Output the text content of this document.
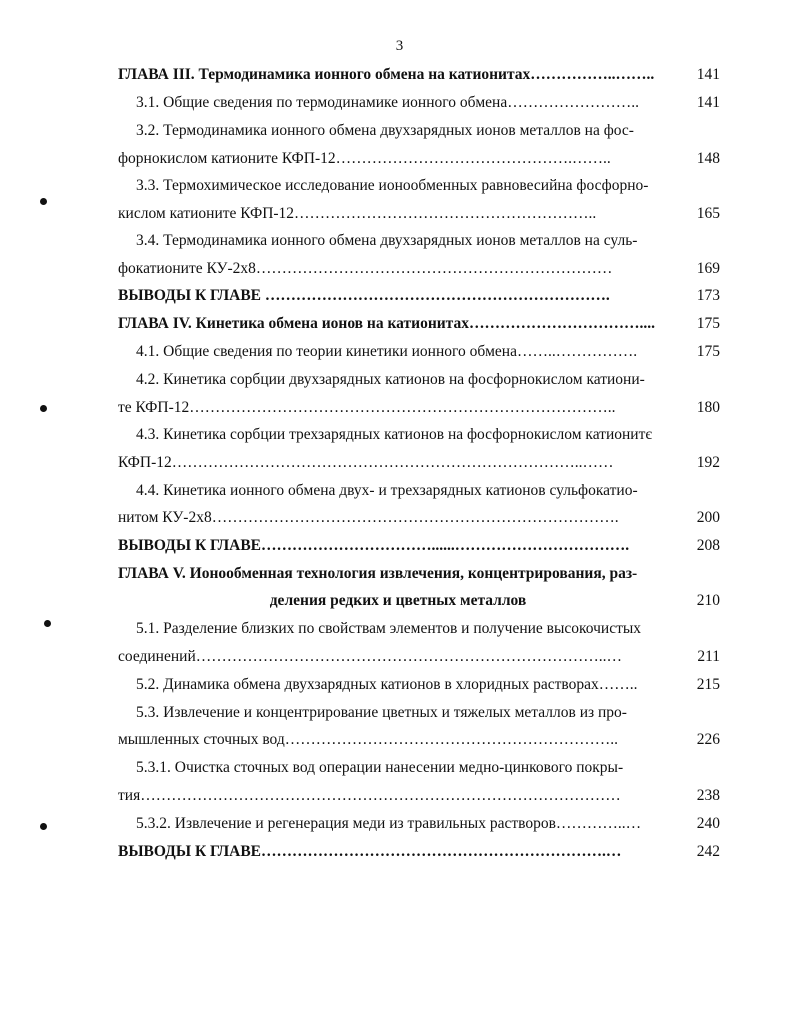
3
ГЛАВА III. Термодинамика ионного обмена на катионитах……………..……..	141
3.1. Общие сведения по термодинамике ионного обмена……………………..	141
3.2. Термодинамика ионного обмена двухзарядных ионов металлов на фос-
форнокислом катионите КФП-12……………………………………….……..	148
3.3. Термохимическое исследование ионообменных равновесийна фосфорно-
кислом катионите КФП-12…………………………………………………..	165
3.4. Термодинамика ионного обмена двухзарядных ионов металлов на суль-
фокатионите КУ-2х8……………………………………………………………	169
ВЫВОДЫ К ГЛАВЕ ………………………………………………………….	173
ГЛАВА IV. Кинетика обмена ионов на катионитах……………………………....	175
4.1. Общие сведения по теории кинетики ионного обмена……..…………….	175
4.2. Кинетика сорбции двухзарядных катионов на фосфорнокислом катиони-
те КФП-12………………………………………………………………………..	180
4.3. Кинетика сорбции трехзарядных катионов на фосфорнокислом катионитє
КФП-12……………………………………………………………………..……	192
4.4. Кинетика ионного обмена двух- и трехзарядных катионов сульфокатио-
нитом КУ-2х8…………………………………………………………………….	200
ВЫВОДЫ К ГЛАВЕ……………………………......…………………………….	208
ГЛАВА V. Ионообменная технология извлечения, концентрирования, раз-
деления редких и цветных металлов	210
5.1. Разделение близких по свойствам элементов и получение высокочистых
соединений……………………………………………………………………..…	211
5.2. Динамика обмена двухзарядных катионов в хлоридных растворах……..	215
5.3. Извлечение и концентрирование цветных и тяжелых металлов из про-
мышленных сточных вод………………………………………………………..	226
5.3.1. Очистка сточных вод операции нанесении медно-цинкового покры-
тия…………………………………………………………………………………	238
5.3.2. Извлечение и регенерация меди из травильных растворов…………..…	240
ВЫВОДЫ К ГЛАВЕ………………………………………………………….…	242
